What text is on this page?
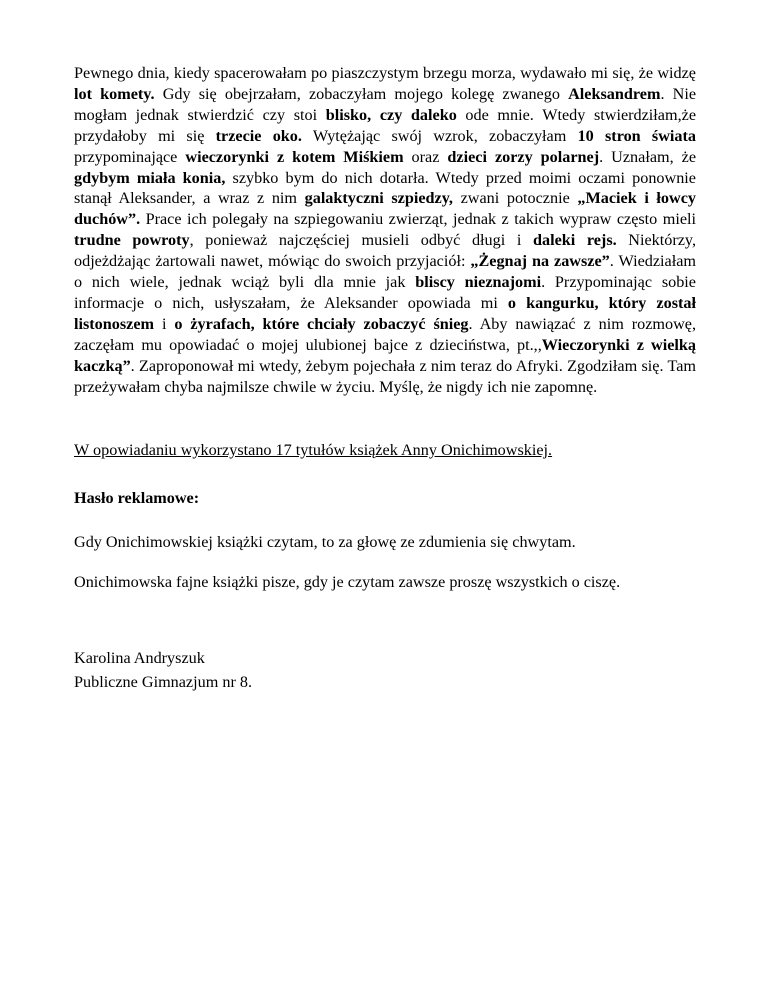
Pewnego dnia, kiedy spacerowałam po piaszczystym brzegu morza, wydawało mi się, że widzę lot komety. Gdy się obejrzałam, zobaczyłam mojego kolegę zwanego Aleksandrem. Nie mogłam jednak stwierdzić czy stoi blisko, czy daleko ode mnie. Wtedy stwierdziłam,że przydałoby mi się trzecie oko. Wytężając swój wzrok, zobaczyłam 10 stron świata przypominające wieczorynki z kotem Miśkiem oraz dzieci zorzy polarnej. Uznałam, że gdybym miała konia, szybko bym do nich dotarła. Wtedy przed moimi oczami ponownie stanął Aleksander, a wraz z nim galaktyczni szpiedzy, zwani potocznie „Maciek i łowcy duchów”. Prace ich polegały na szpiegowaniu zwierząt, jednak z takich wypraw często mieli trudne powroty, ponieważ najczęściej musieli odbyć długi i daleki rejs. Niektórzy, odjeżdżając żartowali nawet, mówiąc do swoich przyjaciół: „Żegnaj na zawsze”. Wiedziałam o nich wiele, jednak wciąż byli dla mnie jak bliscy nieznajomi. Przypominając sobie informacje o nich, usłyszałam, że Aleksander opowiada mi o kangurku, który został listonoszem i o żyrafach, które chciały zobaczyć śnieg. Aby nawiązać z nim rozmowę, zaczęłam mu opowiadać o mojej ulubionej bajce z dzieciństwa, pt.,,Wieczorynki z wielką kaczką”. Zaproponował mi wtedy, żebym pojechała z nim teraz do Afryki. Zgodziłam się. Tam przeżywałam chyba najmilsze chwile w życiu. Myślę, że nigdy ich nie zapomnę.

W opowiadaniu wykorzystano 17 tytułów książek Anny Onichimowskiej.

Hasło reklamowe:

Gdy Onichimowskiej książki czytam, to za głowę ze zdumienia się chwytam.

Onichimowska fajne książki pisze, gdy je czytam zawsze proszę wszystkich o ciszę.

Karolina Andryszuk

Publiczne Gimnazjum nr 8.
